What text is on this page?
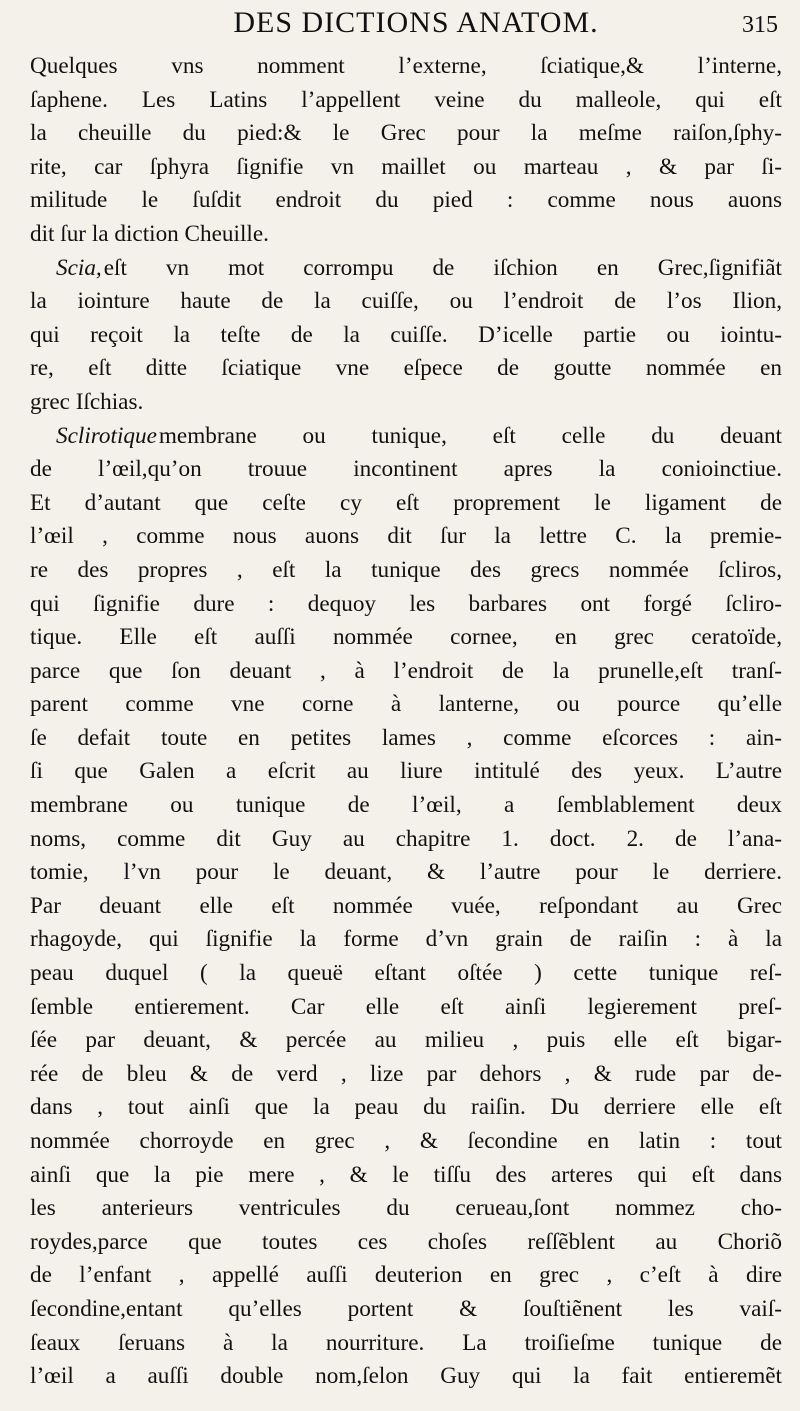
DES DICTIONS ANATOM.	315
Quelques vns nomment l’externe, ſciatique,& l’interne,
ſaphene. Les Latins l’appellent veine du malleole, qui eſt
la cheuille du pied:& le Grec pour la meſme raiſon,ſphy-
rite, car ſphyra ſignifie vn maillet ou marteau , & par ſi-
militude le ſuſdit endroit du pied : comme nous auons
dit ſur la diction Cheuille.
Scia,eſt vn mot corrompu de iſchion en Grec,ſignifiãt
la iointure haute de la cuiſſe, ou l’endroit de l’os Ilion,
qui reçoit la teſte de la cuiſſe. D’icelle partie ou iointu-
re, eſt ditte ſciatique vne eſpece de goutte nommée en
grec Iſchias.
Sclirotiquemembrane ou tunique, eſt celle du deuant
de l’œil,qu’on trouue incontinent apres la conioinctiue.
Et d’autant que ceſte cy eſt proprement le ligament de
l’œil , comme nous auons dit ſur la lettre C. la premie-
re des propres , eſt la tunique des grecs nommée ſcliros,
qui ſignifie dure : dequoy les barbares ont forgé ſcliro-
tique. Elle eſt auſſi nommée cornee, en grec ceratoïde,
parce que ſon deuant , à l’endroit de la prunelle,eſt tranſ-
parent comme vne corne à lanterne, ou pource qu’elle
ſe defait toute en petites lames , comme eſcorces : ain-
ſi que Galen a eſcrit au liure intitulé des yeux. L’autre
membrane ou tunique de l’œil, a ſemblablement deux
noms, comme dit Guy au chapitre 1. doct. 2. de l’ana-
tomie, l’vn pour le deuant, & l’autre pour le derriere.
Par deuant elle eſt nommée vuée, reſpondant au Grec
rhagoyde, qui ſignifie la forme d’vn grain de raiſin : à la
peau duquel ( la queuë eſtant oſtée ) cette tunique reſ-
ſemble entierement. Car elle eſt ainſi legierement preſ-
ſée par deuant, & percée au milieu , puis elle eſt bigar-
rée de bleu & de verd , lize par dehors , & rude par de-
dans , tout ainſi que la peau du raiſin. Du derriere elle eſt
nommée chorroyde en grec , & ſecondine en latin : tout
ainſi que la pie mere , & le tiſſu des arteres qui eſt dans
les anterieurs ventricules du cerueau,ſont nommez cho-
roydes,parce que toutes ces choſes reſſẽblent au Choriõ
de l’enfant , appellé auſſi deuterion en grec , c’eſt à dire
ſecondine,entant qu’elles portent & ſouſtiẽnent les vaiſ-
ſeaux ſeruans à la nourriture. La troiſieſme tunique de
l’œil a auſſi double nom,ſelon Guy qui la fait entieremẽt
